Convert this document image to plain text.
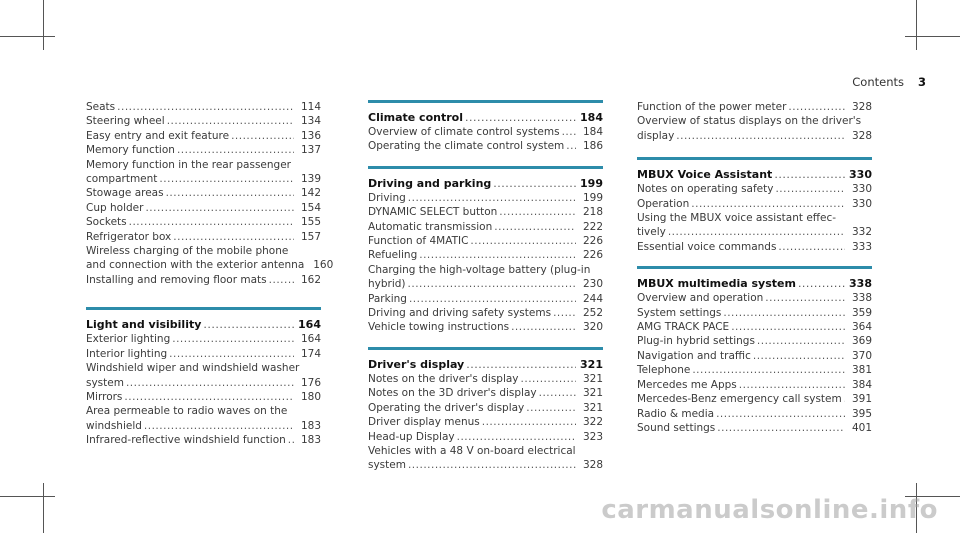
Contents 3
Seats .....	114
Steering wheel .....	134
Easy entry and exit feature .....	136
Memory function .....	137
Memory function in the rear passenger
compartment .....	139
Stowage areas .....	142
Cup holder .....	154
Sockets .....	155
Refrigerator box .....	157
Wireless charging of the mobile phone
and connection with the exterior antenna 160
Installing and removing floor mats .....	162
Light and visibility .....	164
Exterior lighting .....	164
Interior lighting .....	174
Windshield wiper and windshield washer
system .....	176
Mirrors .....	180
Area permeable to radio waves on the
windshield .....	183
Infrared-reflective windshield function .....	183
Climate control .....	184
Overview of climate control systems .....	184
Operating the climate control system .....	186
Driving and parking .....	199
Driving .....	199
DYNAMIC SELECT button .....	218
Automatic transmission .....	222
Function of 4MATIC .....	226
Refueling .....	226
Charging the high-voltage battery (plug-in
hybrid) .....	230
Parking .....	244
Driving and driving safety systems .....	252
Vehicle towing instructions .....	320
Driver's display .....	321
Notes on the driver's display .....	321
Notes on the 3D driver's display .....	321
Operating the driver's display .....	321
Driver display menus .....	322
Head-up Display .....	323
Vehicles with a 48 V on-board electrical
system .....	328
Function of the power meter .....	328
Overview of status displays on the driver's
display .....	328
MBUX Voice Assistant .....	330
Notes on operating safety .....	330
Operation .....	330
Using the MBUX voice assistant effec-
tively .....	332
Essential voice commands .....	333
MBUX multimedia system .....	338
Overview and operation .....	338
System settings .....	359
AMG TRACK PACE .....	364
Plug-in hybrid settings .....	369
Navigation and traffic .....	370
Telephone .....	381
Mercedes me Apps .....	384
Mercedes-Benz emergency call system ..... 391
Radio & media .....	395
Sound settings .....	401
carmanualsonline.info
